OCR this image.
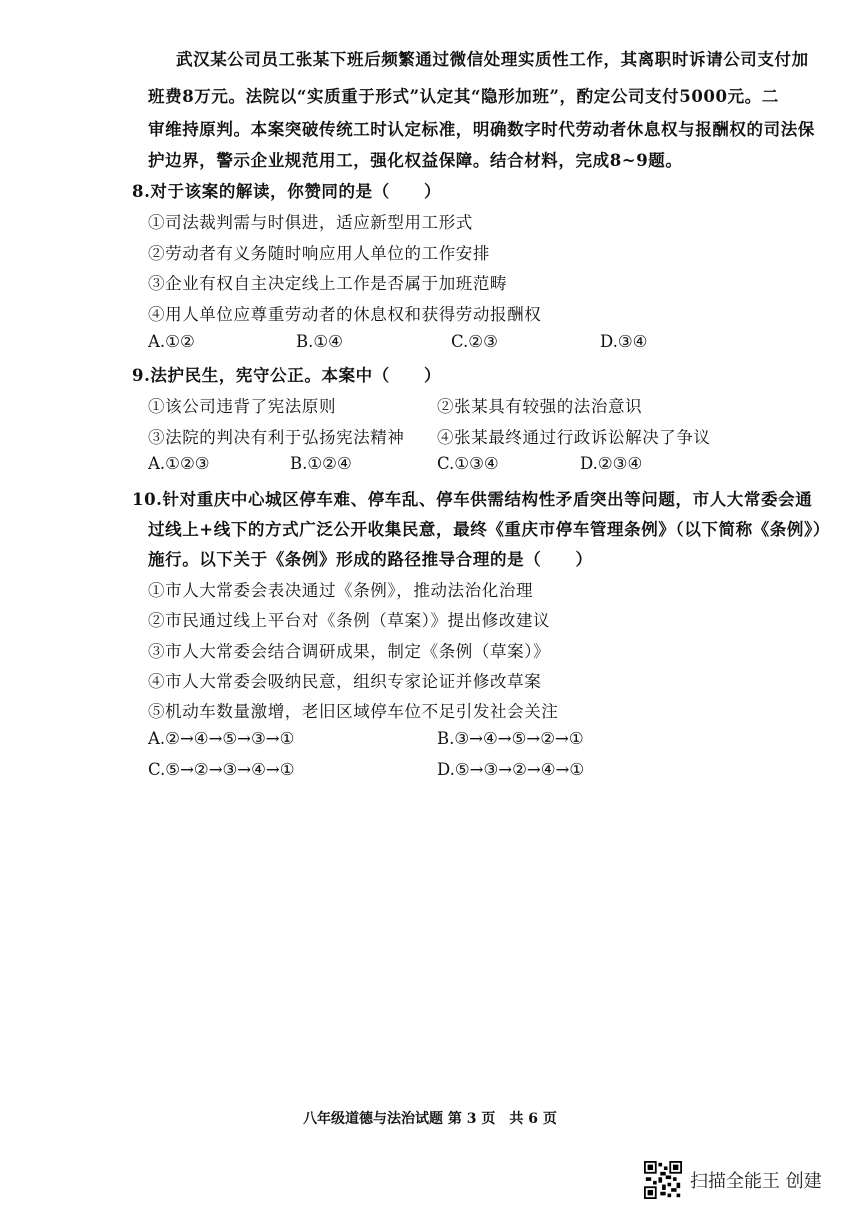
武汉某公司员工张某下班后频繁通过微信处理实质性工作，其离职时诉请公司支付加
班费8万元。法院以“实质重于形式”认定其“隐形加班”，酌定公司支付5000元。二
审维持原判。本案突破传统工时认定标准，明确数字时代劳动者休息权与报酬权的司法保
护边界，警示企业规范用工，强化权益保障。结合材料，完成8~9题。
8.对于该案的解读，你赞同的是（　　）
①司法裁判需与时俱进，适应新型用工形式
②劳动者有义务随时响应用人单位的工作安排
③企业有权自主决定线上工作是否属于加班范畴
④用人单位应尊重劳动者的休息权和获得劳动报酬权
A.①②	B.①④	C.②③	D.③④
9.法护民生，宪守公正。本案中（　　）
①该公司违背了宪法原则	②张某具有较强的法治意识
③法院的判决有利于弘扬宪法精神 ④张某最终通过行政诉讼解决了争议
A.①②③	B.①②④	C.①③④	D.②③④
10.针对重庆中心城区停车难、停车乱、停车供需结构性矛盾突出等问题，市人大常委会通
过线上+线下的方式广泛公开收集民意，最终《重庆市停车管理条例》（以下简称《条例》）
施行。以下关于《条例》形成的路径推导合理的是（　　）
①市人大常委会表决通过《条例》，推动法治化治理
②市民通过线上平台对《条例（草案）》提出修改建议
③市人大常委会结合调研成果，制定《条例（草案）》
④市人大常委会吸纳民意，组织专家论证并修改草案
⑤机动车数量激增，老旧区域停车位不足引发社会关注
A.②→④→⑤→③→①	B.③→④→⑤→②→①
C.⑤→②→③→④→①	D.⑤→③→②→④→①
八年级道德与法治试题 第 3 页　共 6 页
扫描全能王 创建
